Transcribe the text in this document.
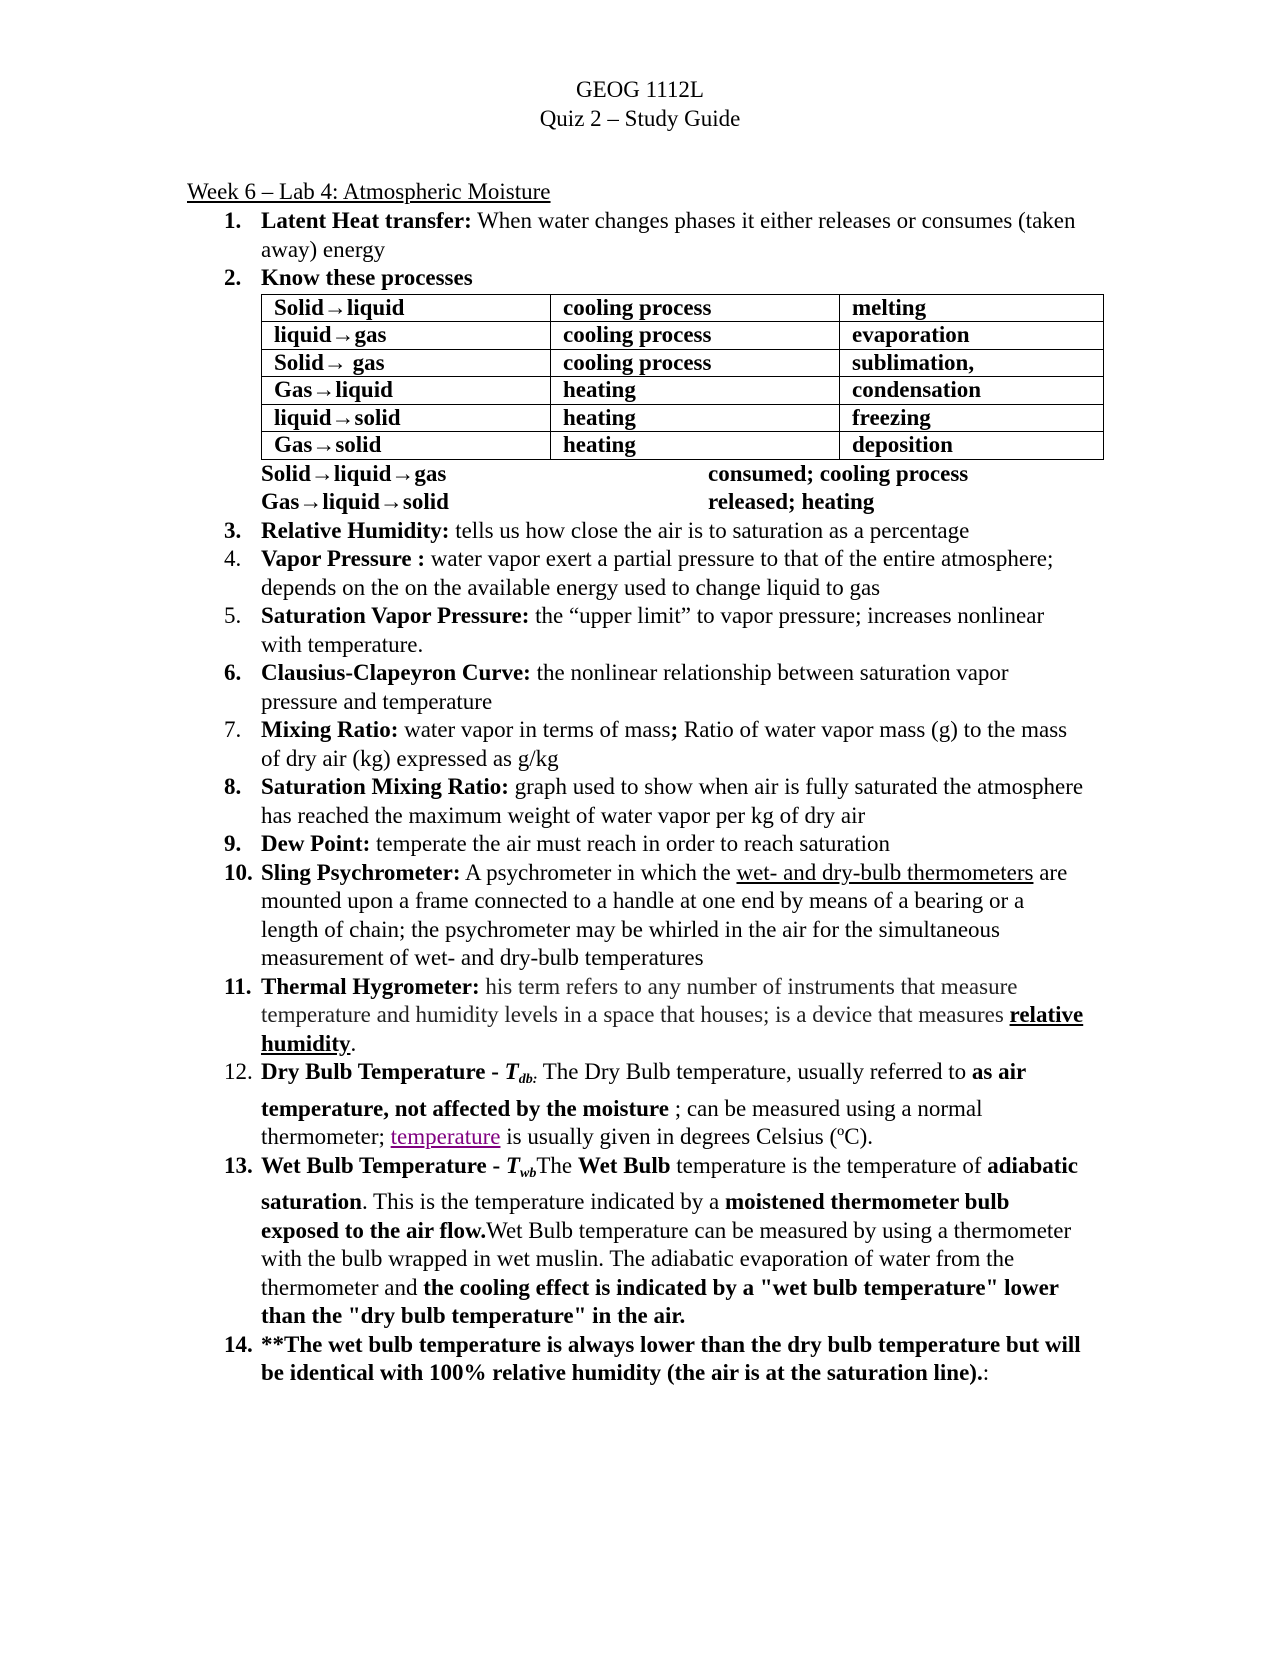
GEOG 1112L
Quiz 2 – Study Guide
Week 6 – Lab 4: Atmospheric Moisture
1. Latent Heat transfer: When water changes phases it either releases or consumes (taken away) energy
2. Know these processes
Solid→liquid	cooling process	melting
liquid→gas	cooling process	evaporation
Solid→ gas	cooling process	sublimation,
Gas→liquid	heating	condensation
liquid→solid	heating	freezing
Gas→solid	heating	deposition
Solid→liquid→gas	consumed; cooling process
Gas→liquid→solid	released; heating
3. Relative Humidity: tells us how close the air is to saturation as a percentage
4. Vapor Pressure : water vapor exert a partial pressure to that of the entire atmosphere; depends on the on the available energy used to change liquid to gas
5. Saturation Vapor Pressure: the “upper limit” to vapor pressure; increases nonlinear with temperature.
6. Clausius-Clapeyron Curve: the nonlinear relationship between saturation vapor pressure and temperature
7. Mixing Ratio: water vapor in terms of mass; Ratio of water vapor mass (g) to the mass of dry air (kg) expressed as g/kg
8. Saturation Mixing Ratio: graph used to show when air is fully saturated the atmosphere has reached the maximum weight of water vapor per kg of dry air
9. Dew Point: temperate the air must reach in order to reach saturation
10. Sling Psychrometer: A psychrometer in which the wet- and dry-bulb thermometers are mounted upon a frame connected to a handle at one end by means of a bearing or a length of chain; the psychrometer may be whirled in the air for the simultaneous measurement of wet- and dry-bulb temperatures
11. Thermal Hygrometer: his term refers to any number of instruments that measure temperature and humidity levels in a space that houses; is a device that measures relative humidity.
12. Dry Bulb Temperature - $T_{db:}$ The Dry Bulb temperature, usually referred to as air temperature, not affected by the moisture ; can be measured using a normal thermometer; temperature is usually given in degrees Celsius (ºC).
13. Wet Bulb Temperature - $T_{wb}The$ Wet Bulb temperature is the temperature of adiabatic saturation. This is the temperature indicated by a moistened thermometer bulb exposed to the air flow.Wet Bulb temperature can be measured by using a thermometer with the bulb wrapped in wet muslin. The adiabatic evaporation of water from the thermometer and the cooling effect is indicated by a "wet bulb temperature" lower than the "dry bulb temperature" in the air.
14. **The wet bulb temperature is always lower than the dry bulb temperature but will be identical with 100% relative humidity (the air is at the saturation line).:
